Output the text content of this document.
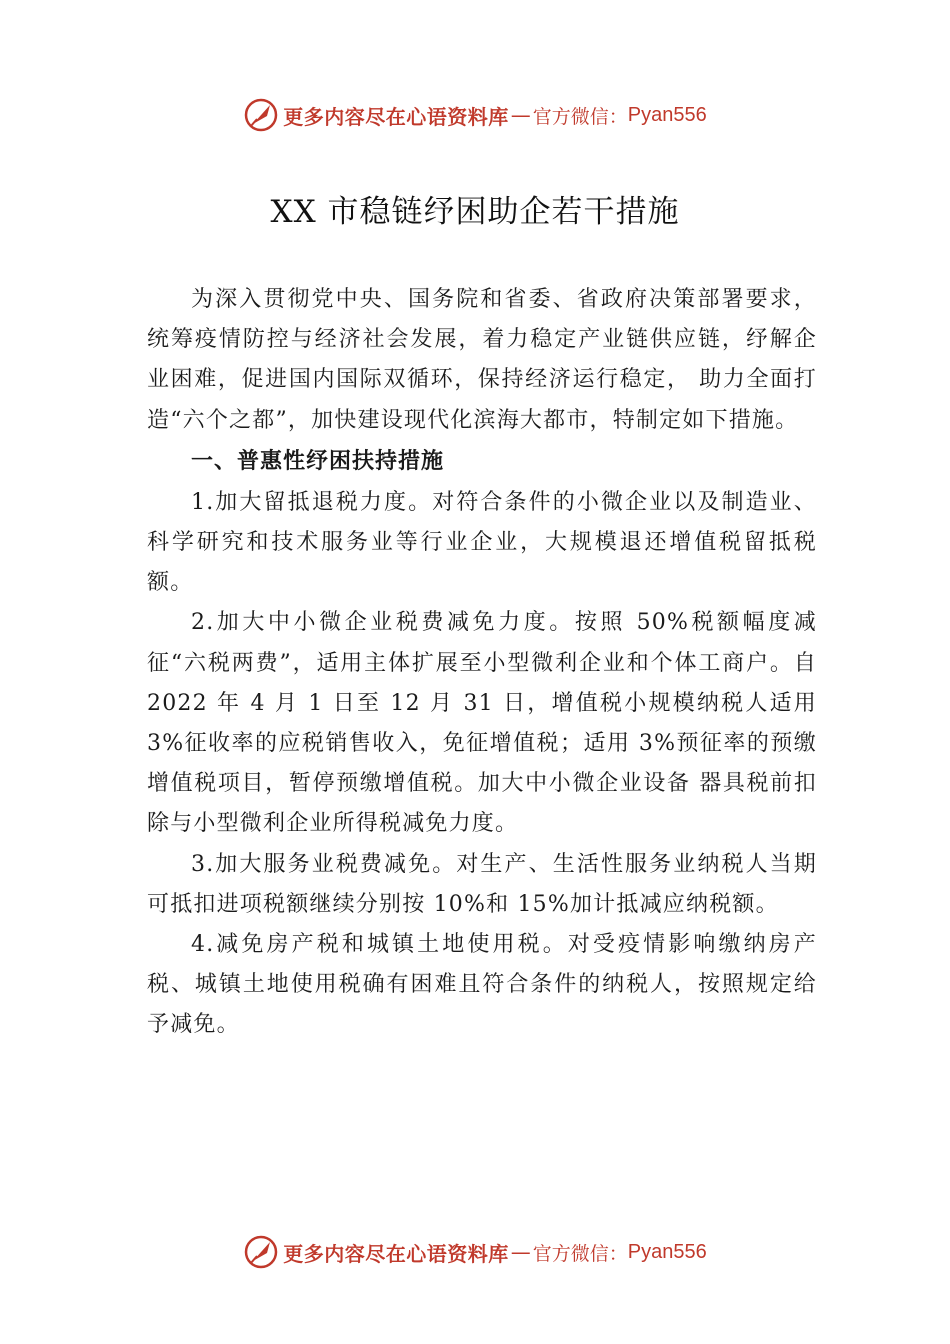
更多内容尽在心语资料库 — 官方微信： Pyan556
XX 市稳链纾困助企若干措施

为深入贯彻党中央、国务院和省委、省政府决策部署要求，统筹疫情防控与经济社会发展，着力稳定产业链供应链，纾解企业困难，促进国内国际双循环，保持经济运行稳定， 助力全面打造“六个之都”，加快建设现代化滨海大都市，特制定如下措施。

一、普惠性纾困扶持措施

1.加大留抵退税力度。对符合条件的小微企业以及制造业、科学研究和技术服务业等行业企业，大规模退还增值税留抵税额。

2.加大中小微企业税费减免力度。按照 50%税额幅度减征“六税两费”，适用主体扩展至小型微利企业和个体工商户。自 2022 年 4 月 1 日至 12 月 31 日，增值税小规模纳税人适用 3%征收率的应税销售收入，免征增值税；适用 3%预征率的预缴增值税项目，暂停预缴增值税。加大中小微企业设备 器具税前扣除与小型微利企业所得税减免力度。

3.加大服务业税费减免。对生产、生活性服务业纳税人当期可抵扣进项税额继续分别按 10%和 15%加计抵减应纳税额。

4.减免房产税和城镇土地使用税。对受疫情影响缴纳房产税、城镇土地使用税确有困难且符合条件的纳税人，按照规定给予减免。

更多内容尽在心语资料库 — 官方微信： Pyan556
